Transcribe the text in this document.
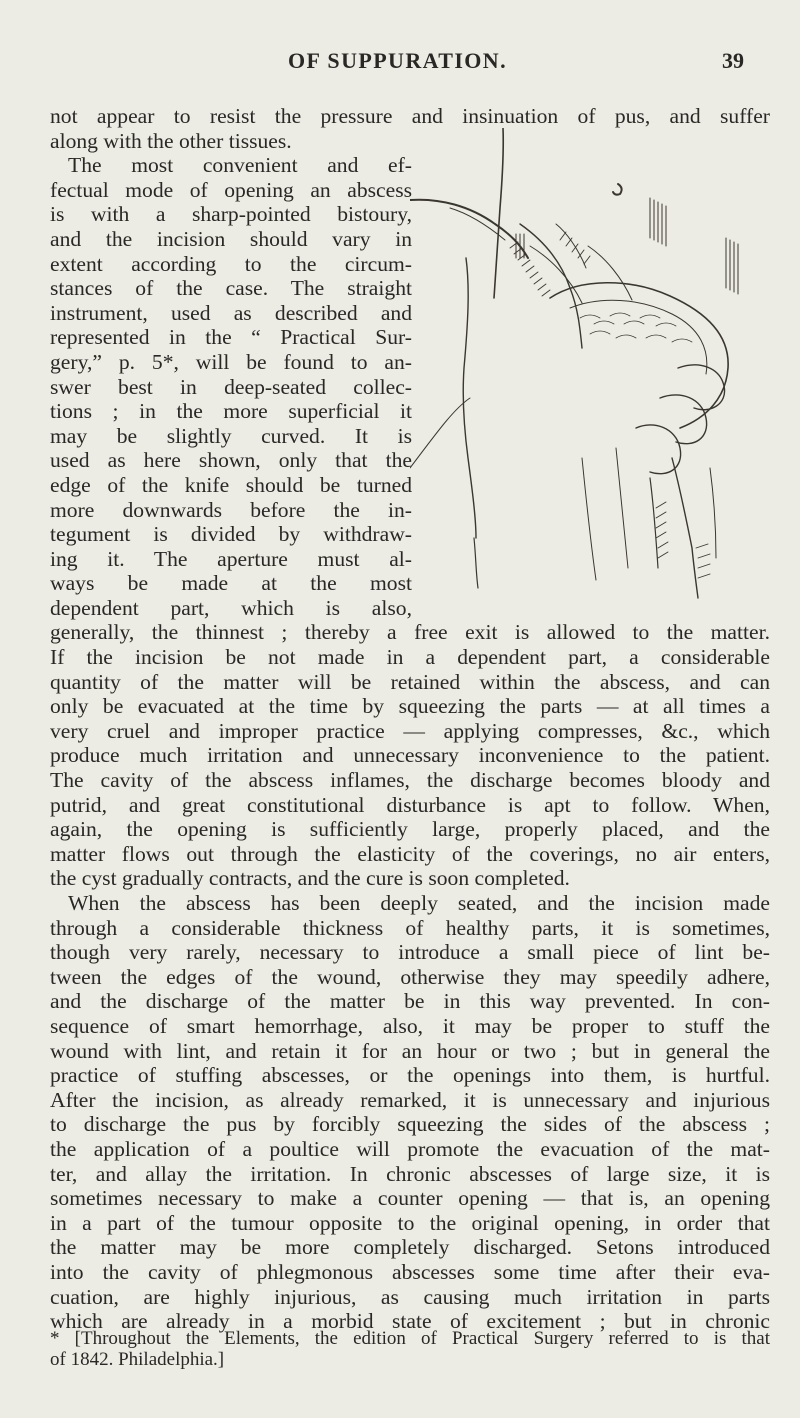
OF SUPPURATION.	39
not appear to resist the pressure and insinuation of pus, and suffer
along with the other tissues.
The most convenient and ef-
fectual mode of opening an abscess
is with a sharp-pointed bistoury,
and the incision should vary in
extent according to the circum-
stances of the case. The straight
instrument, used as described and
represented in the “ Practical Sur-
gery,” p. 5*, will be found to an-
swer best in deep-seated collec-
tions ; in the more superficial it
may be slightly curved. It is
used as here shown, only that the
edge of the knife should be turned
more downwards before the in-
tegument is divided by withdraw-
ing it. The aperture must al-
ways be made at the most
dependent part, which is also,
generally, the thinnest ; thereby a free exit is allowed to the matter.
If the incision be not made in a dependent part, a considerable
quantity of the matter will be retained within the abscess, and can
only be evacuated at the time by squeezing the parts — at all times a
very cruel and improper practice — applying compresses, &c., which
produce much irritation and unnecessary inconvenience to the patient.
The cavity of the abscess inflames, the discharge becomes bloody and
putrid, and great constitutional disturbance is apt to follow. When,
again, the opening is sufficiently large, properly placed, and the
matter flows out through the elasticity of the coverings, no air enters,
the cyst gradually contracts, and the cure is soon completed.
When the abscess has been deeply seated, and the incision made
through a considerable thickness of healthy parts, it is sometimes,
though very rarely, necessary to introduce a small piece of lint be-
tween the edges of the wound, otherwise they may speedily adhere,
and the discharge of the matter be in this way prevented. In con-
sequence of smart hemorrhage, also, it may be proper to stuff the
wound with lint, and retain it for an hour or two ; but in general the
practice of stuffing abscesses, or the openings into them, is hurtful.
After the incision, as already remarked, it is unnecessary and injurious
to discharge the pus by forcibly squeezing the sides of the abscess ;
the application of a poultice will promote the evacuation of the mat-
ter, and allay the irritation. In chronic abscesses of large size, it is
sometimes necessary to make a counter opening — that is, an opening
in a part of the tumour opposite to the original opening, in order that
the matter may be more completely discharged. Setons introduced
into the cavity of phlegmonous abscesses some time after their eva-
cuation, are highly injurious, as causing much irritation in parts
which are already in a morbid state of excitement ; but in chronic
* [Throughout the Elements, the edition of Practical Surgery referred to is that
of 1842. Philadelphia.]
